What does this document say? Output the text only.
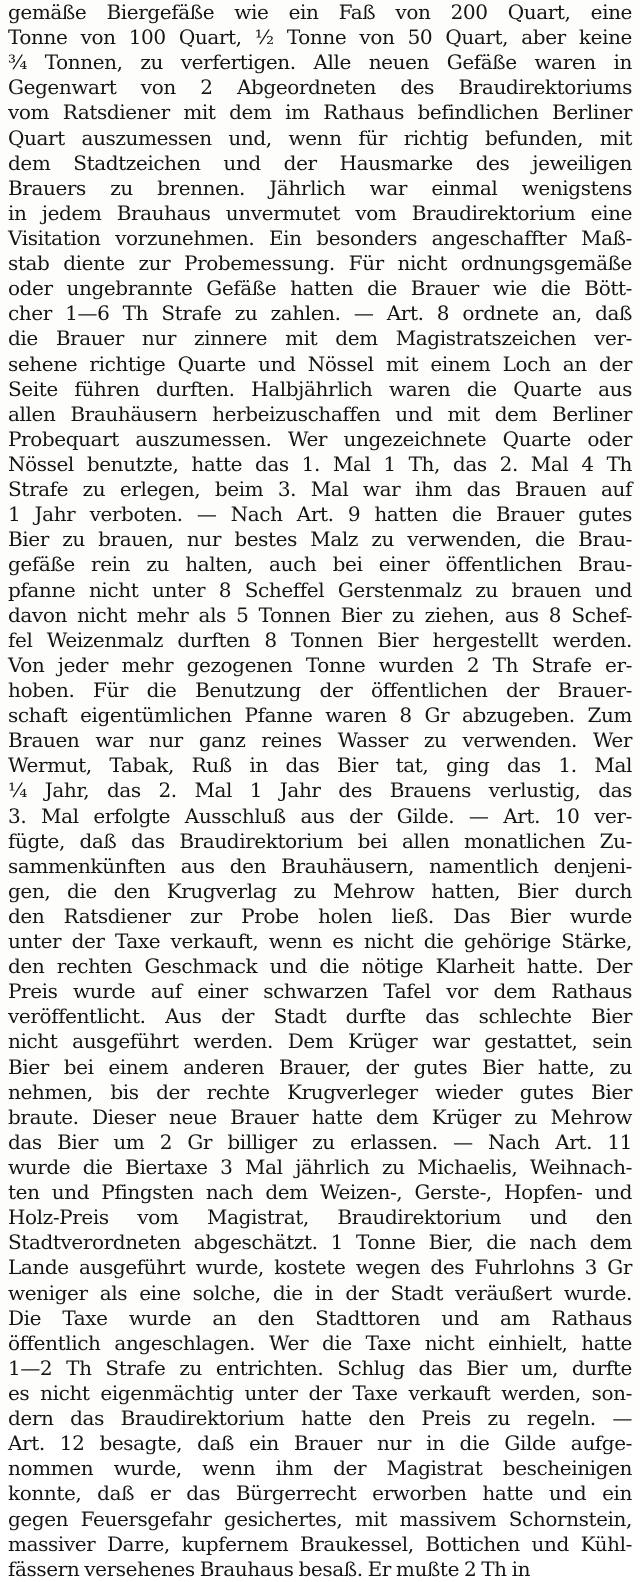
gemäße Biergefäße wie ein Faß von 200 Quart, eine
Tonne von 100 Quart, ½ Tonne von 50 Quart, aber keine
¾ Tonnen, zu verfertigen. Alle neuen Gefäße waren in
Gegenwart von 2 Abgeordneten des Braudirektoriums
vom Ratsdiener mit dem im Rathaus befindlichen Berliner
Quart auszumessen und, wenn für richtig befunden, mit
dem Stadtzeichen und der Hausmarke des jeweiligen
Brauers zu brennen. Jährlich war einmal wenigstens
in jedem Brauhaus unvermutet vom Braudirektorium eine
Visitation vorzunehmen. Ein besonders angeschaffter Maß-
stab diente zur Probemessung. Für nicht ordnungsgemäße
oder ungebrannte Gefäße hatten die Brauer wie die Bött-
cher 1—6 Th Strafe zu zahlen. — Art. 8 ordnete an, daß
die Brauer nur zinnere mit dem Magistratszeichen ver-
sehene richtige Quarte und Nössel mit einem Loch an der
Seite führen durften. Halbjährlich waren die Quarte aus
allen Brauhäusern herbeizuschaffen und mit dem Berliner
Probequart auszumessen. Wer ungezeichnete Quarte oder
Nössel benutzte, hatte das 1. Mal 1 Th, das 2. Mal 4 Th
Strafe zu erlegen, beim 3. Mal war ihm das Brauen auf
1 Jahr verboten. — Nach Art. 9 hatten die Brauer gutes
Bier zu brauen, nur bestes Malz zu verwenden, die Brau-
gefäße rein zu halten, auch bei einer öffentlichen Brau-
pfanne nicht unter 8 Scheffel Gerstenmalz zu brauen und
davon nicht mehr als 5 Tonnen Bier zu ziehen, aus 8 Schef-
fel Weizenmalz durften 8 Tonnen Bier hergestellt werden.
Von jeder mehr gezogenen Tonne wurden 2 Th Strafe er-
hoben. Für die Benutzung der öffentlichen der Brauer-
schaft eigentümlichen Pfanne waren 8 Gr abzugeben. Zum
Brauen war nur ganz reines Wasser zu verwenden. Wer
Wermut, Tabak, Ruß in das Bier tat, ging das 1. Mal
¼ Jahr, das 2. Mal 1 Jahr des Brauens verlustig, das
3. Mal erfolgte Ausschluß aus der Gilde. — Art. 10 ver-
fügte, daß das Braudirektorium bei allen monatlichen Zu-
sammenkünften aus den Brauhäusern, namentlich denjeni-
gen, die den Krugverlag zu Mehrow hatten, Bier durch
den Ratsdiener zur Probe holen ließ. Das Bier wurde
unter der Taxe verkauft, wenn es nicht die gehörige Stärke,
den rechten Geschmack und die nötige Klarheit hatte. Der
Preis wurde auf einer schwarzen Tafel vor dem Rathaus
veröffentlicht. Aus der Stadt durfte das schlechte Bier
nicht ausgeführt werden. Dem Krüger war gestattet, sein
Bier bei einem anderen Brauer, der gutes Bier hatte, zu
nehmen, bis der rechte Krugverleger wieder gutes Bier
braute. Dieser neue Brauer hatte dem Krüger zu Mehrow
das Bier um 2 Gr billiger zu erlassen. — Nach Art. 11
wurde die Biertaxe 3 Mal jährlich zu Michaelis, Weihnach-
ten und Pfingsten nach dem Weizen-, Gerste-, Hopfen- und
Holz-Preis vom Magistrat, Braudirektorium und den
Stadtverordneten abgeschätzt. 1 Tonne Bier, die nach dem
Lande ausgeführt wurde, kostete wegen des Fuhrlohns 3 Gr
weniger als eine solche, die in der Stadt veräußert wurde.
Die Taxe wurde an den Stadttoren und am Rathaus
öffentlich angeschlagen. Wer die Taxe nicht einhielt, hatte
1—2 Th Strafe zu entrichten. Schlug das Bier um, durfte
es nicht eigenmächtig unter der Taxe verkauft werden, son-
dern das Braudirektorium hatte den Preis zu regeln. —
Art. 12 besagte, daß ein Brauer nur in die Gilde aufge-
nommen wurde, wenn ihm der Magistrat bescheinigen
konnte, daß er das Bürgerrecht erworben hatte und ein
gegen Feuersgefahr gesichertes, mit massivem Schornstein,
massiver Darre, kupfernem Braukessel, Bottichen und Kühl-
fässern versehenes Brauhaus besaß. Er mußte 2 Th in
